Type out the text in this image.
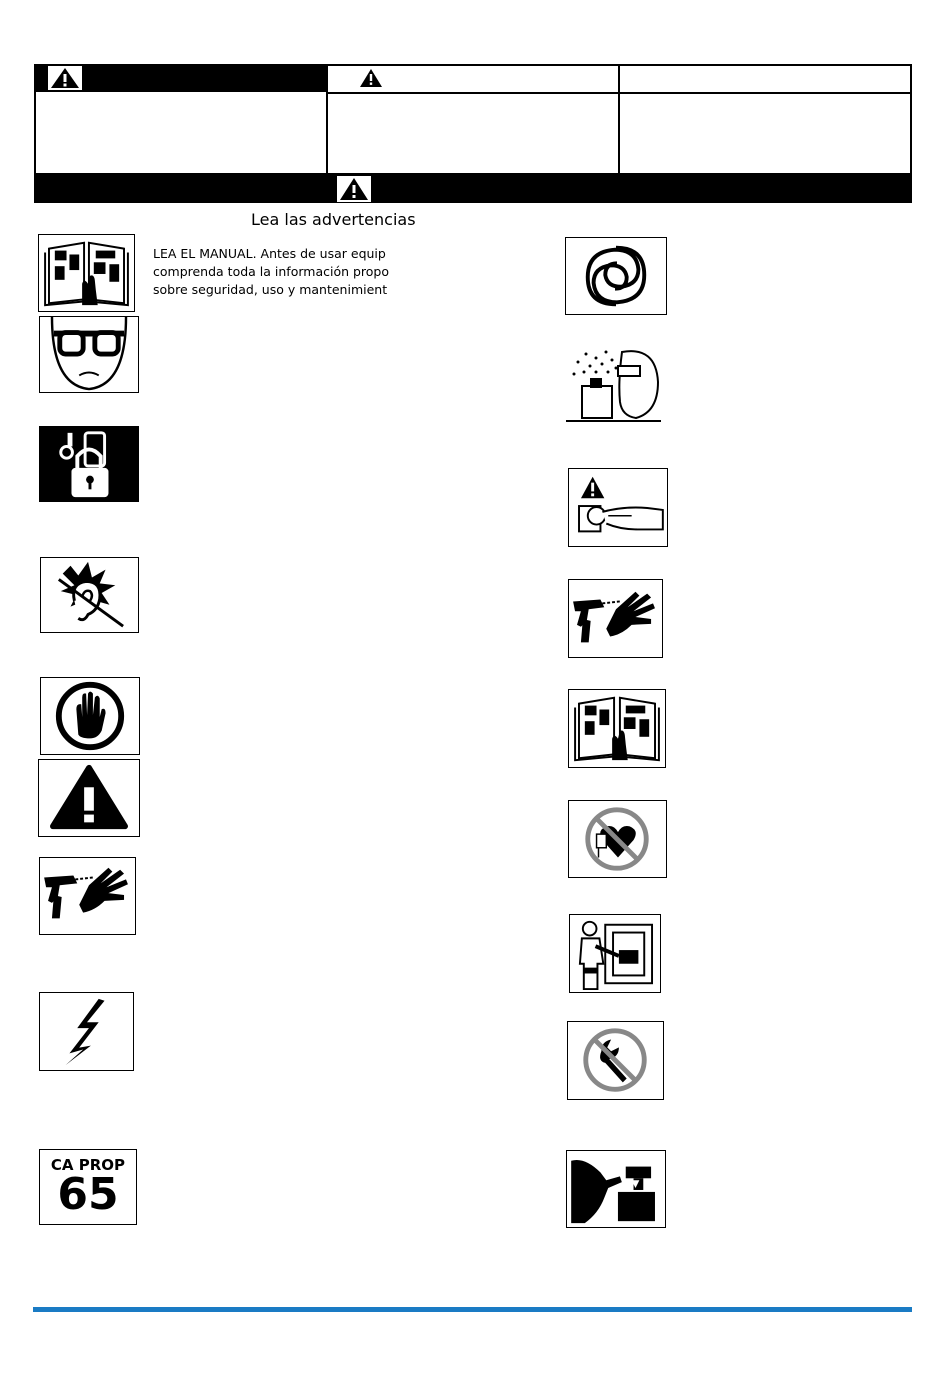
Lea las advertencias
LEA EL MANUAL. Antes de usar equip
comprenda toda la información propo
sobre seguridad, uso y mantenimient
CA PROP
65
